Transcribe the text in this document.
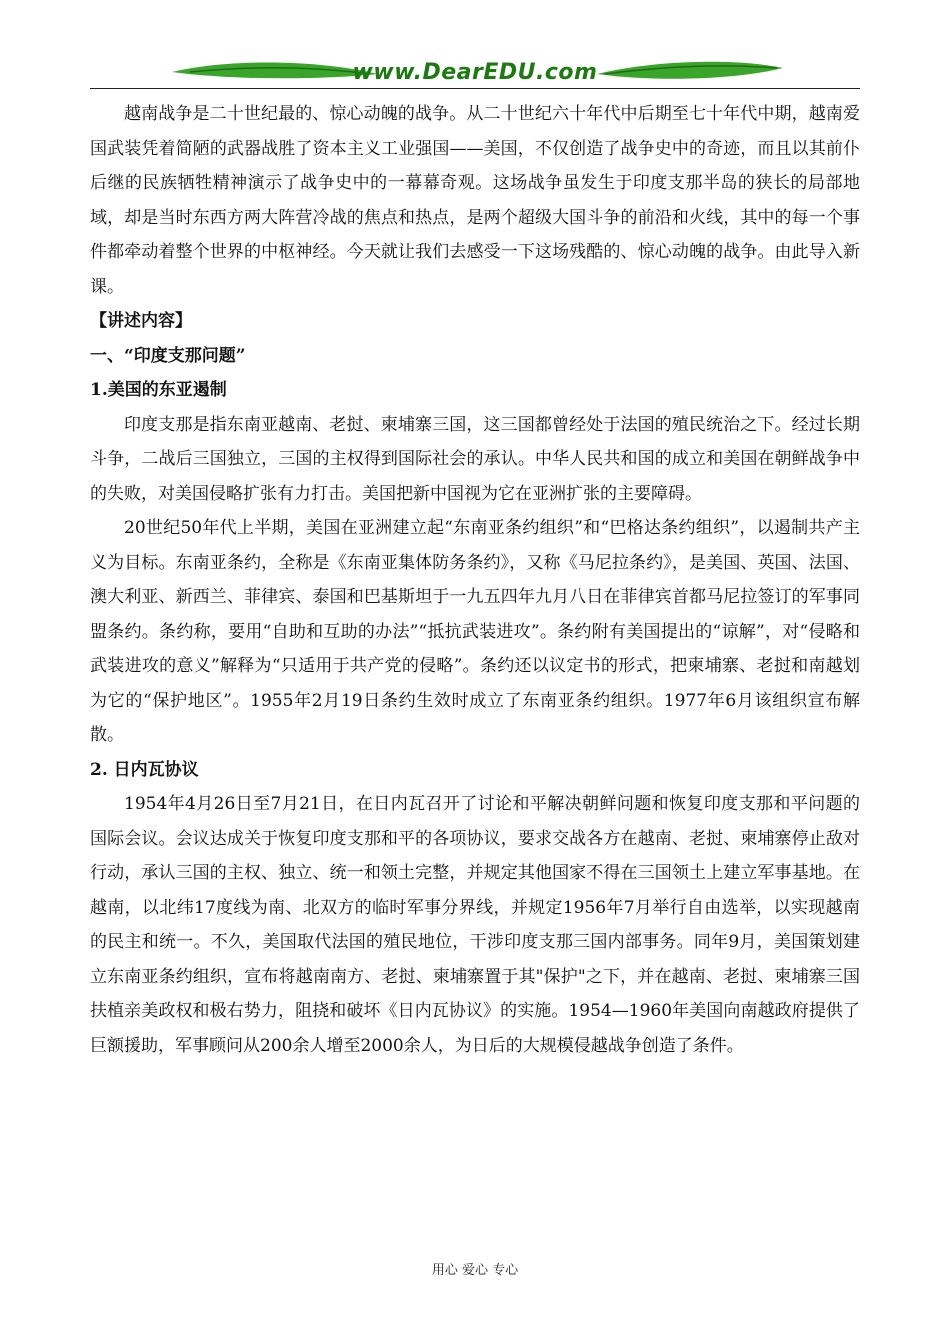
www.DearEDU.com

越南战争是二十世纪最的、惊心动魄的战争。从二十世纪六十年代中后期至七十年代中期，越南爱国武装凭着简陋的武器战胜了资本主义工业强国——美国，不仅创造了战争史中的奇迹，而且以其前仆后继的民族牺牲精神演示了战争史中的一幕幕奇观。这场战争虽发生于印度支那半岛的狭长的局部地域，却是当时东西方两大阵营冷战的焦点和热点，是两个超级大国斗争的前沿和火线，其中的每一个事件都牵动着整个世界的中枢神经。今天就让我们去感受一下这场残酷的、惊心动魄的战争。由此导入新课。

【讲述内容】

一、“印度支那问题”

1.美国的东亚遏制

印度支那是指东南亚越南、老挝、柬埔寨三国，这三国都曾经处于法国的殖民统治之下。经过长期斗争，二战后三国独立，三国的主权得到国际社会的承认。中华人民共和国的成立和美国在朝鲜战争中的失败，对美国侵略扩张有力打击。美国把新中国视为它在亚洲扩张的主要障碍。

20世纪50年代上半期，美国在亚洲建立起“东南亚条约组织”和“巴格达条约组织”，以遏制共产主义为目标。东南亚条约，全称是《东南亚集体防务条约》，又称《马尼拉条约》，是美国、英国、法国、澳大利亚、新西兰、菲律宾、泰国和巴基斯坦于一九五四年九月八日在菲律宾首都马尼拉签订的军事同盟条约。条约称，要用“自助和互助的办法”“抵抗武装进攻”。条约附有美国提出的“谅解”，对“侵略和武装进攻的意义”解释为“只适用于共产党的侵略”。条约还以议定书的形式，把柬埔寨、老挝和南越划为它的“保护地区”。1955年2月19日条约生效时成立了东南亚条约组织。1977年6月该组织宣布解散。

2. 日内瓦协议

1954年4月26日至7月21日，在日内瓦召开了讨论和平解决朝鲜问题和恢复印度支那和平问题的国际会议。会议达成关于恢复印度支那和平的各项协议，要求交战各方在越南、老挝、柬埔寨停止敌对行动，承认三国的主权、独立、统一和领土完整，并规定其他国家不得在三国领土上建立军事基地。在越南，以北纬17度线为南、北双方的临时军事分界线，并规定1956年7月举行自由选举，以实现越南的民主和统一。不久，美国取代法国的殖民地位，干涉印度支那三国内部事务。同年9月，美国策划建立东南亚条约组织，宣布将越南南方、老挝、柬埔寨置于其"保护"之下，并在越南、老挝、柬埔寨三国扶植亲美政权和极右势力，阻挠和破坏《日内瓦协议》的实施。1954—1960年美国向南越政府提供了巨额援助，军事顾问从200余人增至2000余人，为日后的大规模侵越战争创造了条件。

用心 爱心 专心
